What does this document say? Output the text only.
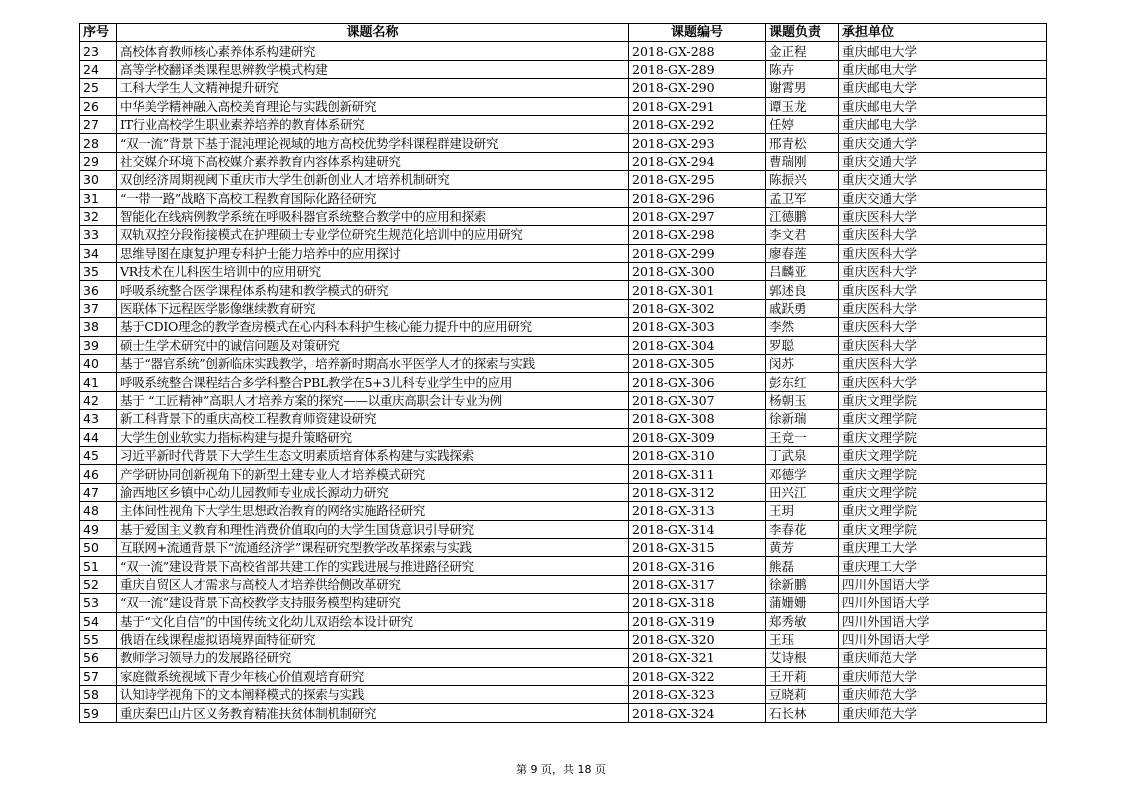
序号	课题名称	课题编号	课题负责	承担单位
23	高校体育教师核心素养体系构建研究	2018-GX-288	金正程	重庆邮电大学
24	高等学校翻译类课程思辨教学模式构建	2018-GX-289	陈卉	重庆邮电大学
25	工科大学生人文精神提升研究	2018-GX-290	谢霄男	重庆邮电大学
26	中华美学精神融入高校美育理论与实践创新研究	2018-GX-291	谭玉龙	重庆邮电大学
27	IT行业高校学生职业素养培养的教育体系研究	2018-GX-292	任婷	重庆邮电大学
28	“双一流”背景下基于混沌理论视域的地方高校优势学科课程群建设研究	2018-GX-293	邢青松	重庆交通大学
29	社交媒介环境下高校媒介素养教育内容体系构建研究	2018-GX-294	曹瑞刚	重庆交通大学
30	双创经济周期视阈下重庆市大学生创新创业人才培养机制研究	2018-GX-295	陈振兴	重庆交通大学
31	“一带一路”战略下高校工程教育国际化路径研究	2018-GX-296	孟卫军	重庆交通大学
32	智能化在线病例教学系统在呼吸科器官系统整合教学中的应用和探索	2018-GX-297	江德鹏	重庆医科大学
33	双轨双控分段衔接模式在护理硕士专业学位研究生规范化培训中的应用研究	2018-GX-298	李文君	重庆医科大学
34	思维导图在康复护理专科护士能力培养中的应用探讨	2018-GX-299	廖春莲	重庆医科大学
35	VR技术在儿科医生培训中的应用研究	2018-GX-300	吕麟亚	重庆医科大学
36	呼吸系统整合医学课程体系构建和教学模式的研究	2018-GX-301	郭述良	重庆医科大学
37	医联体下远程医学影像继续教育研究	2018-GX-302	戚跃勇	重庆医科大学
38	基于CDIO理念的教学查房模式在心内科本科护生核心能力提升中的应用研究	2018-GX-303	李然	重庆医科大学
39	硕士生学术研究中的诚信问题及对策研究	2018-GX-304	罗聪	重庆医科大学
40	基于“器官系统”创新临床实践教学，培养新时期高水平医学人才的探索与实践	2018-GX-305	闵苏	重庆医科大学
41	呼吸系统整合课程结合多学科整合PBL教学在5+3儿科专业学生中的应用	2018-GX-306	彭东红	重庆医科大学
42	基于 “工匠精神”高职人才培养方案的探究——以重庆高职会计专业为例	2018-GX-307	杨朝玉	重庆文理学院
43	新工科背景下的重庆高校工程教育师资建设研究	2018-GX-308	徐新瑞	重庆文理学院
44	大学生创业软实力指标构建与提升策略研究	2018-GX-309	王竞一	重庆文理学院
45	习近平新时代背景下大学生生态文明素质培育体系构建与实践探索	2018-GX-310	丁武泉	重庆文理学院
46	产学研协同创新视角下的新型土建专业人才培养模式研究	2018-GX-311	邓德学	重庆文理学院
47	渝西地区乡镇中心幼儿园教师专业成长源动力研究	2018-GX-312	田兴江	重庆文理学院
48	主体间性视角下大学生思想政治教育的网络实施路径研究	2018-GX-313	王玥	重庆文理学院
49	基于爱国主义教育和理性消费价值取向的大学生国货意识引导研究	2018-GX-314	李春花	重庆文理学院
50	互联网+流通背景下“流通经济学”课程研究型教学改革探索与实践	2018-GX-315	黄芳	重庆理工大学
51	“双一流”建设背景下高校省部共建工作的实践进展与推进路径研究	2018-GX-316	熊磊	重庆理工大学
52	重庆自贸区人才需求与高校人才培养供给侧改革研究	2018-GX-317	徐新鹏	四川外国语大学
53	“双一流”建设背景下高校教学支持服务模型构建研究	2018-GX-318	蒲姗姗	四川外国语大学
54	基于“文化自信”的中国传统文化幼儿双语绘本设计研究	2018-GX-319	郑秀敏	四川外国语大学
55	俄语在线课程虚拟语境界面特征研究	2018-GX-320	王珏	四川外国语大学
56	教师学习领导力的发展路径研究	2018-GX-321	艾诗根	重庆师范大学
57	家庭微系统视域下青少年核心价值观培育研究	2018-GX-322	王开莉	重庆师范大学
58	认知诗学视角下的文本阐释模式的探索与实践	2018-GX-323	豆晓莉	重庆师范大学
59	重庆秦巴山片区义务教育精准扶贫体制机制研究	2018-GX-324	石长林	重庆师范大学
第 9 页，共 18 页
